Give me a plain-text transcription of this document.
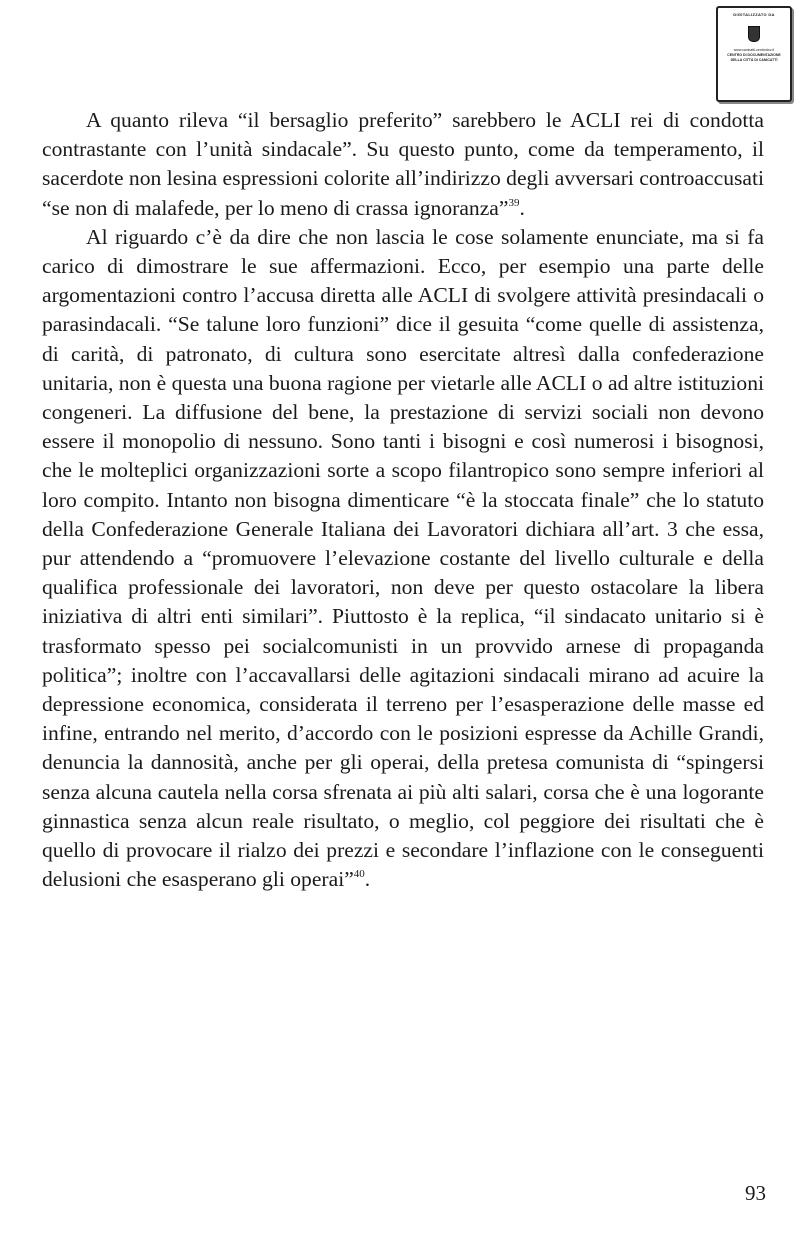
DIGITALIZZATO DA
www.canicatti-centrodoc.it
CENTRO DI DOCUMENTAZIONE
DELLA CITTÀ DI CANICATTÌ

A quanto rileva “il bersaglio preferito” sarebbero le ACLI rei di condotta contrastante con l’unità sindacale”. Su questo punto, come da temperamento, il sacerdote non lesina espressioni colorite all’indirizzo degli avversari controaccusati “se non di malafede, per lo meno di crassa ignoranza”$^{39}$.

Al riguardo c’è da dire che non lascia le cose solamente enunciate, ma si fa carico di dimostrare le sue affermazioni. Ecco, per esempio una parte delle argomentazioni contro l’accusa diretta alle ACLI di svolgere attività presindacali o parasindacali. “Se talune loro funzioni” dice il gesuita “come quelle di assistenza, di carità, di patronato, di cultura sono esercitate altresì dalla confederazione unitaria, non è questa una buona ragione per vietarle alle ACLI o ad altre istituzioni congeneri. La diffusione del bene, la prestazione di servizi sociali non devono essere il monopolio di nessuno. Sono tanti i bisogni e così numerosi i bisognosi, che le molteplici organizzazioni sorte a scopo filantropico sono sempre inferiori al loro compito. Intanto non bisogna dimenticare “è la stoccata finale” che lo statuto della Confederazione Generale Italiana dei Lavoratori dichiara all’art. 3 che essa, pur attendendo a “promuovere l’elevazione costante del livello culturale e della qualifica professionale dei lavoratori, non deve per questo ostacolare la libera iniziativa di altri enti similari”. Piuttosto è la replica, “il sindacato unitario si è trasformato spesso pei socialcomunisti in un provvido arnese di propaganda politica”; inoltre con l’accavallarsi delle agitazioni sindacali mirano ad acuire la depressione economica, considerata il terreno per l’esasperazione delle masse ed infine, entrando nel merito, d’accordo con le posizioni espresse da Achille Grandi, denuncia la dannosità, anche per gli operai, della pretesa comunista di “spingersi senza alcuna cautela nella corsa sfrenata ai più alti salari, corsa che è una logorante ginnastica senza alcun reale risultato, o meglio, col peggiore dei risultati che è quello di provocare il rialzo dei prezzi e secondare l’inflazione con le conseguenti delusioni che esasperano gli operai”$^{40}$.

93
